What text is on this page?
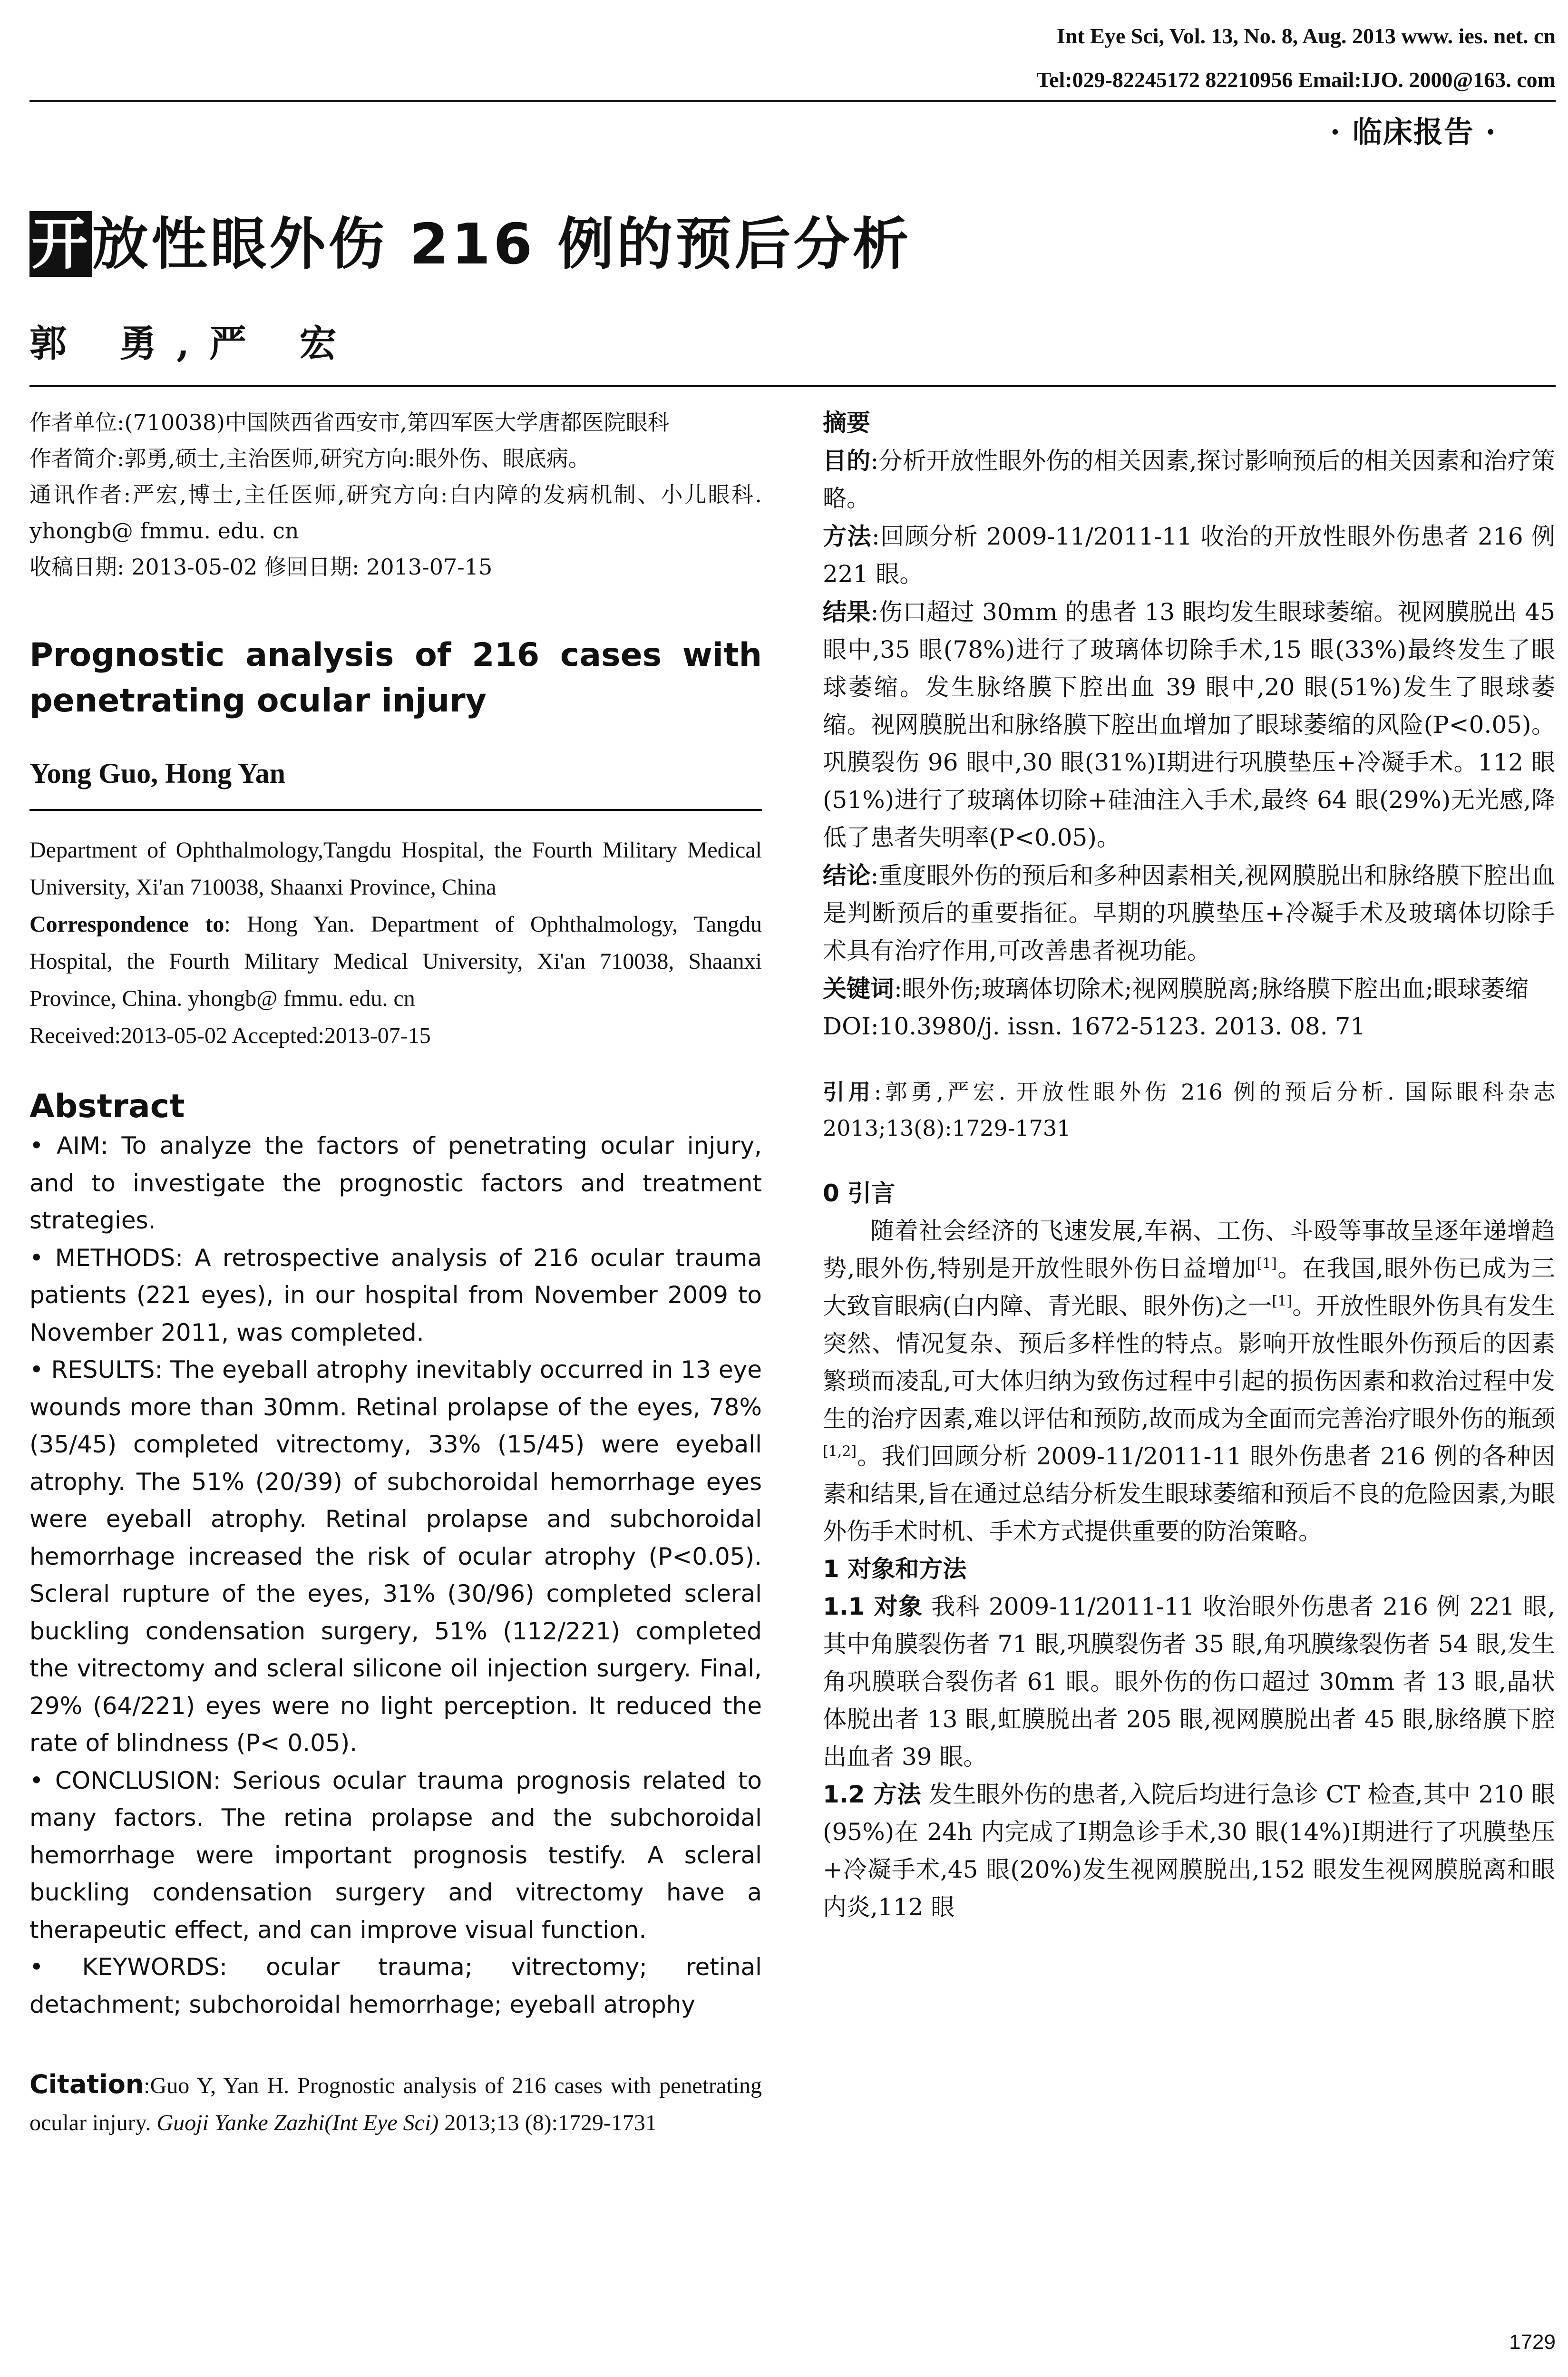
Int Eye Sci, Vol. 13, No. 8, Aug. 2013 www. ies. net. cn
Tel:029-82245172 82210956 Email:IJO. 2000@163. com
· 临床报告 ·
开放性眼外伤 216 例的预后分析
郭 勇,严 宏

作者单位:(710038)中国陕西省西安市,第四军医大学唐都医院眼科

作者简介:郭勇,硕士,主治医师,研究方向:眼外伤、眼底病。

通讯作者:严宏,博士,主任医师,研究方向:白内障的发病机制、小儿眼科. yhongb@ fmmu. edu. cn

收稿日期: 2013-05-02 修回日期: 2013-07-15

Prognostic analysis of 216 cases with penetrating ocular injury
Yong Guo, Hong Yan

Department of Ophthalmology,Tangdu Hospital, the Fourth Military Medical University, Xi'an 710038, Shaanxi Province, China

Correspondence to: Hong Yan. Department of Ophthalmology, Tangdu Hospital, the Fourth Military Medical University, Xi'an 710038, Shaanxi Province, China. yhongb@ fmmu. edu. cn

Received:2013-05-02 Accepted:2013-07-15

Abstract

• AIM: To analyze the factors of penetrating ocular injury, and to investigate the prognostic factors and treatment strategies.

• METHODS: A retrospective analysis of 216 ocular trauma patients (221 eyes), in our hospital from November 2009 to November 2011, was completed.

• RESULTS: The eyeball atrophy inevitably occurred in 13 eye wounds more than 30mm. Retinal prolapse of the eyes, 78% (35/45) completed vitrectomy, 33% (15/45) were eyeball atrophy. The 51% (20/39) of subchoroidal hemorrhage eyes were eyeball atrophy. Retinal prolapse and subchoroidal hemorrhage increased the risk of ocular atrophy (P<0.05). Scleral rupture of the eyes, 31% (30/96) completed scleral buckling condensation surgery, 51% (112/221) completed the vitrectomy and scleral silicone oil injection surgery. Final, 29% (64/221) eyes were no light perception. It reduced the rate of blindness (P< 0.05).

• CONCLUSION: Serious ocular trauma prognosis related to many factors. The retina prolapse and the subchoroidal hemorrhage were important prognosis testify. A scleral buckling condensation surgery and vitrectomy have a therapeutic effect, and can improve visual function.

• KEYWORDS: ocular trauma; vitrectomy; retinal detachment; subchoroidal hemorrhage; eyeball atrophy

Citation:Guo Y, Yan H. Prognostic analysis of 216 cases with penetrating ocular injury. Guoji Yanke Zazhi(Int Eye Sci) 2013;13 (8):1729-1731

摘要

目的:分析开放性眼外伤的相关因素,探讨影响预后的相关因素和治疗策略。

方法:回顾分析 2009-11/2011-11 收治的开放性眼外伤患者 216 例 221 眼。

结果:伤口超过 30mm 的患者 13 眼均发生眼球萎缩。视网膜脱出 45 眼中,35 眼(78%)进行了玻璃体切除手术,15 眼(33%)最终发生了眼球萎缩。发生脉络膜下腔出血 39 眼中,20 眼(51%)发生了眼球萎缩。视网膜脱出和脉络膜下腔出血增加了眼球萎缩的风险(P<0.05)。巩膜裂伤 96 眼中,30 眼(31%)Ⅰ期进行巩膜垫压+冷凝手术。112 眼(51%)进行了玻璃体切除+硅油注入手术,最终 64 眼(29%)无光感,降低了患者失明率(P<0.05)。

结论:重度眼外伤的预后和多种因素相关,视网膜脱出和脉络膜下腔出血是判断预后的重要指征。早期的巩膜垫压+冷凝手术及玻璃体切除手术具有治疗作用,可改善患者视功能。

关键词:眼外伤;玻璃体切除术;视网膜脱离;脉络膜下腔出血;眼球萎缩

DOI:10.3980/j. issn. 1672-5123. 2013. 08. 71

引用:郭勇,严宏. 开放性眼外伤 216 例的预后分析. 国际眼科杂志 2013;13(8):1729-1731

0 引言

随着社会经济的飞速发展,车祸、工伤、斗殴等事故呈逐年递增趋势,眼外伤,特别是开放性眼外伤日益增加[1]。在我国,眼外伤已成为三大致盲眼病(白内障、青光眼、眼外伤)之一[1]。开放性眼外伤具有发生突然、情况复杂、预后多样性的特点。影响开放性眼外伤预后的因素繁琐而凌乱,可大体归纳为致伤过程中引起的损伤因素和救治过程中发生的治疗因素,难以评估和预防,故而成为全面而完善治疗眼外伤的瓶颈[1,2]。我们回顾分析 2009-11/2011-11 眼外伤患者 216 例的各种因素和结果,旨在通过总结分析发生眼球萎缩和预后不良的危险因素,为眼外伤手术时机、手术方式提供重要的防治策略。

1 对象和方法

1.1 对象 我科 2009-11/2011-11 收治眼外伤患者 216 例 221 眼,其中角膜裂伤者 71 眼,巩膜裂伤者 35 眼,角巩膜缘裂伤者 54 眼,发生角巩膜联合裂伤者 61 眼。眼外伤的伤口超过 30mm 者 13 眼,晶状体脱出者 13 眼,虹膜脱出者 205 眼,视网膜脱出者 45 眼,脉络膜下腔出血者 39 眼。

1.2 方法 发生眼外伤的患者,入院后均进行急诊 CT 检查,其中 210 眼(95%)在 24h 内完成了Ⅰ期急诊手术,30 眼(14%)Ⅰ期进行了巩膜垫压+冷凝手术,45 眼(20%)发生视网膜脱出,152 眼发生视网膜脱离和眼内炎,112 眼

1729
